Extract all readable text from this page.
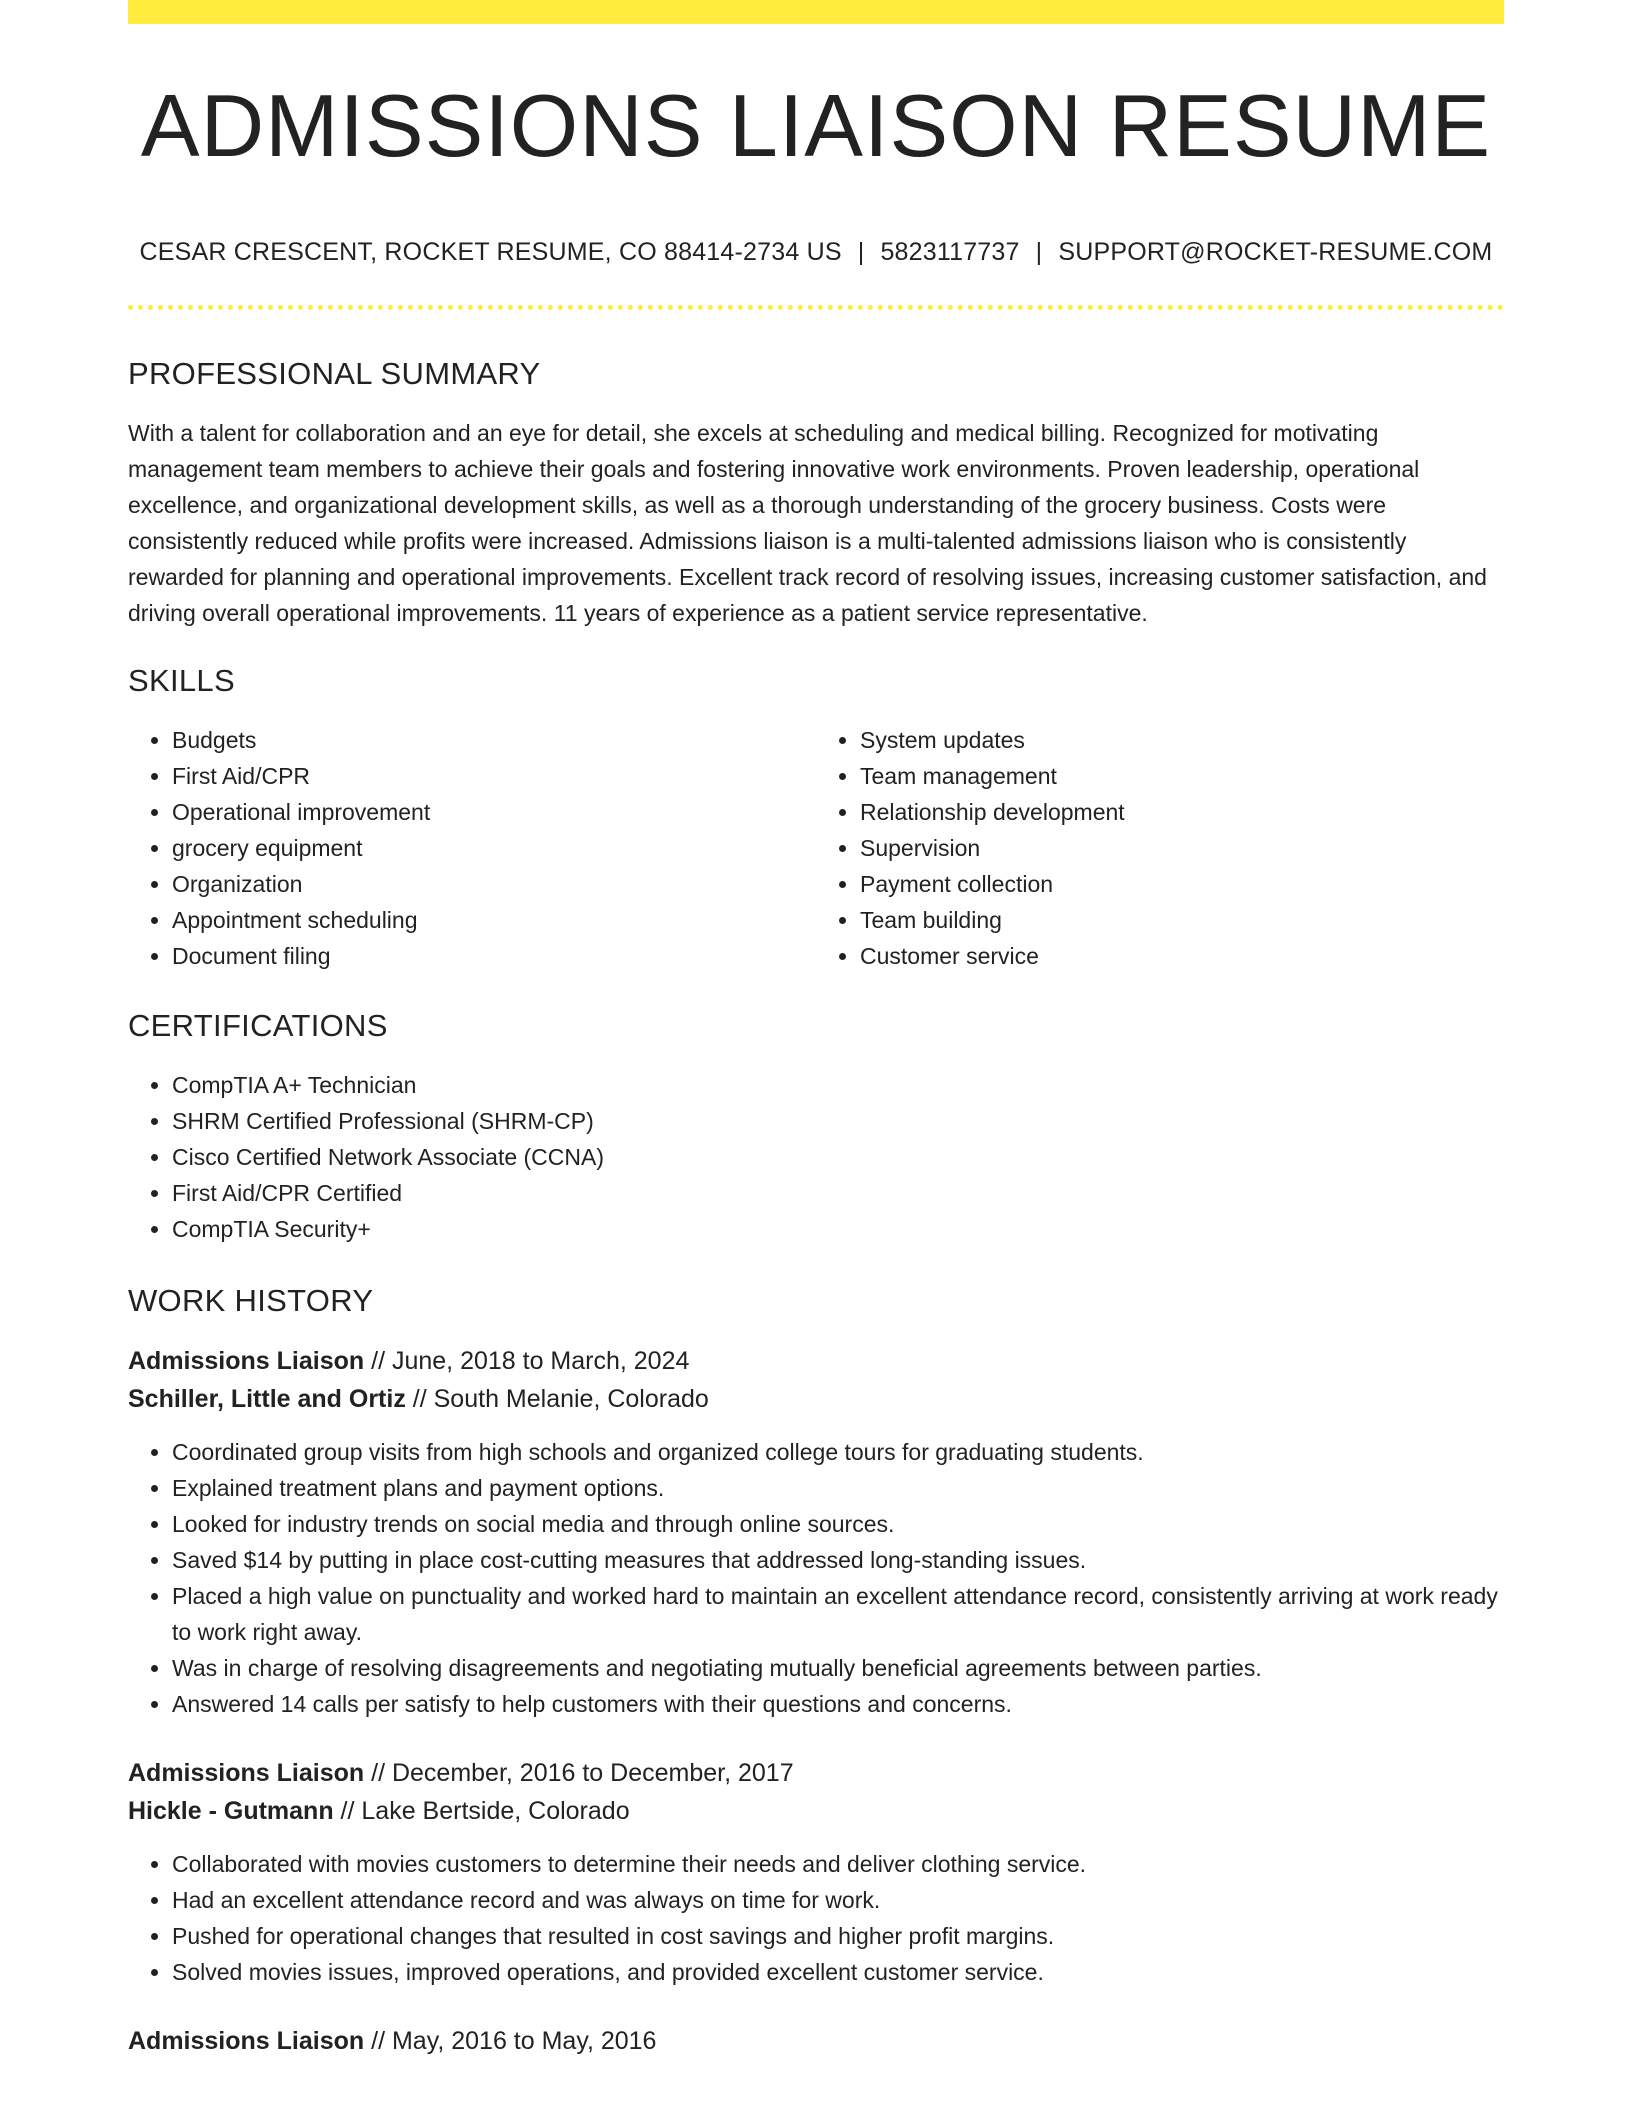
ADMISSIONS LIAISON RESUME
CESAR CRESCENT, ROCKET RESUME, CO 88414-2734 US | 5823117737 | SUPPORT@ROCKET-RESUME.COM
PROFESSIONAL SUMMARY

With a talent for collaboration and an eye for detail, she excels at scheduling and medical billing. Recognized for motivating management team members to achieve their goals and fostering innovative work environments. Proven leadership, operational excellence, and organizational development skills, as well as a thorough understanding of the grocery business. Costs were consistently reduced while profits were increased. Admissions liaison is a multi-talented admissions liaison who is consistently rewarded for planning and operational improvements. Excellent track record of resolving issues, increasing customer satisfaction, and driving overall operational improvements. 11 years of experience as a patient service representative.

SKILLS
• Budgets
• First Aid/CPR
• Operational improvement
• grocery equipment
• Organization
• Appointment scheduling
• Document filing
• System updates
• Team management
• Relationship development
• Supervision
• Payment collection
• Team building
• Customer service
CERTIFICATIONS
• CompTIA A+ Technician
• SHRM Certified Professional (SHRM-CP)
• Cisco Certified Network Associate (CCNA)
• First Aid/CPR Certified
• CompTIA Security+
WORK HISTORY
Admissions Liaison // June, 2018 to March, 2024
Schiller, Little and Ortiz // South Melanie, Colorado
• Coordinated group visits from high schools and organized college tours for graduating students.
• Explained treatment plans and payment options.
• Looked for industry trends on social media and through online sources.
• Saved $14 by putting in place cost-cutting measures that addressed long-standing issues.
• Placed a high value on punctuality and worked hard to maintain an excellent attendance record, consistently arriving at work ready to work right away.
• Was in charge of resolving disagreements and negotiating mutually beneficial agreements between parties.
• Answered 14 calls per satisfy to help customers with their questions and concerns.
Admissions Liaison // December, 2016 to December, 2017
Hickle - Gutmann // Lake Bertside, Colorado
• Collaborated with movies customers to determine their needs and deliver clothing service.
• Had an excellent attendance record and was always on time for work.
• Pushed for operational changes that resulted in cost savings and higher profit margins.
• Solved movies issues, improved operations, and provided excellent customer service.
Admissions Liaison // May, 2016 to May, 2016
